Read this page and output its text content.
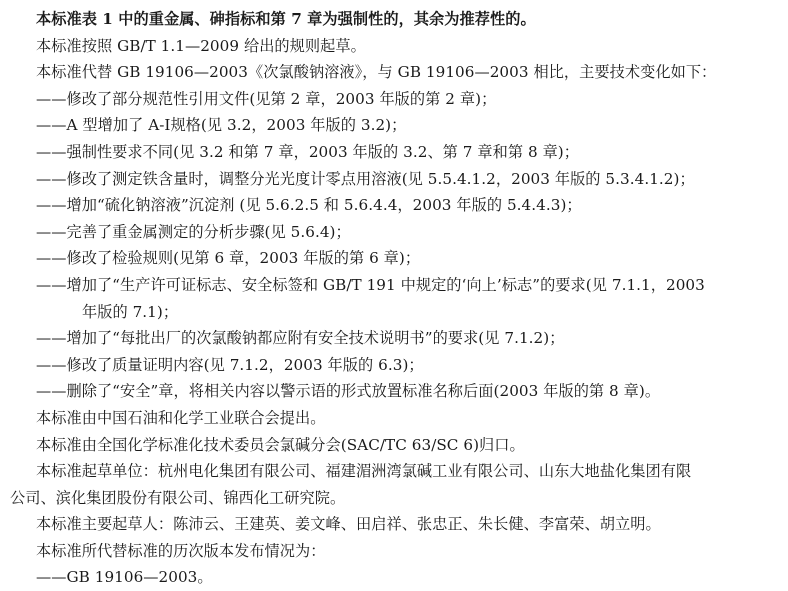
本标准表 1 中的重金属、砷指标和第 7 章为强制性的，其余为推荐性的。
本标准按照 GB/T 1.1—2009 给出的规则起草。
本标准代替 GB 19106—2003《次氯酸钠溶液》，与 GB 19106—2003 相比，主要技术变化如下：
——修改了部分规范性引用文件(见第 2 章，2003 年版的第 2 章)；
——A 型增加了 A-Ⅰ规格(见 3.2，2003 年版的 3.2)；
——强制性要求不同(见 3.2 和第 7 章，2003 年版的 3.2、第 7 章和第 8 章)；
——修改了测定铁含量时，调整分光光度计零点用溶液(见 5.5.4.1.2，2003 年版的 5.3.4.1.2)；
——增加“硫化钠溶液”沉淀剂 (见 5.6.2.5 和 5.6.4.4，2003 年版的 5.4.4.3)；
——完善了重金属测定的分析步骤(见 5.6.4)；
——修改了检验规则(见第 6 章，2003 年版的第 6 章)；
——增加了“生产许可证标志、安全标签和 GB/T 191 中规定的‘向上’标志”的要求(见 7.1.1，2003
年版的 7.1)；
——增加了“每批出厂的次氯酸钠都应附有安全技术说明书”的要求(见 7.1.2)；
——修改了质量证明内容(见 7.1.2，2003 年版的 6.3)；
——删除了“安全”章，将相关内容以警示语的形式放置标准名称后面(2003 年版的第 8 章)。
本标准由中国石油和化学工业联合会提出。
本标准由全国化学标准化技术委员会氯碱分会(SAC/TC 63/SC 6)归口。
本标准起草单位：杭州电化集团有限公司、福建湄洲湾氯碱工业有限公司、山东大地盐化集团有限
公司、滨化集团股份有限公司、锦西化工研究院。
本标准主要起草人：陈沛云、王建英、姜文峰、田启祥、张忠正、朱长健、李富荣、胡立明。
本标准所代替标准的历次版本发布情况为：
——GB 19106—2003。
